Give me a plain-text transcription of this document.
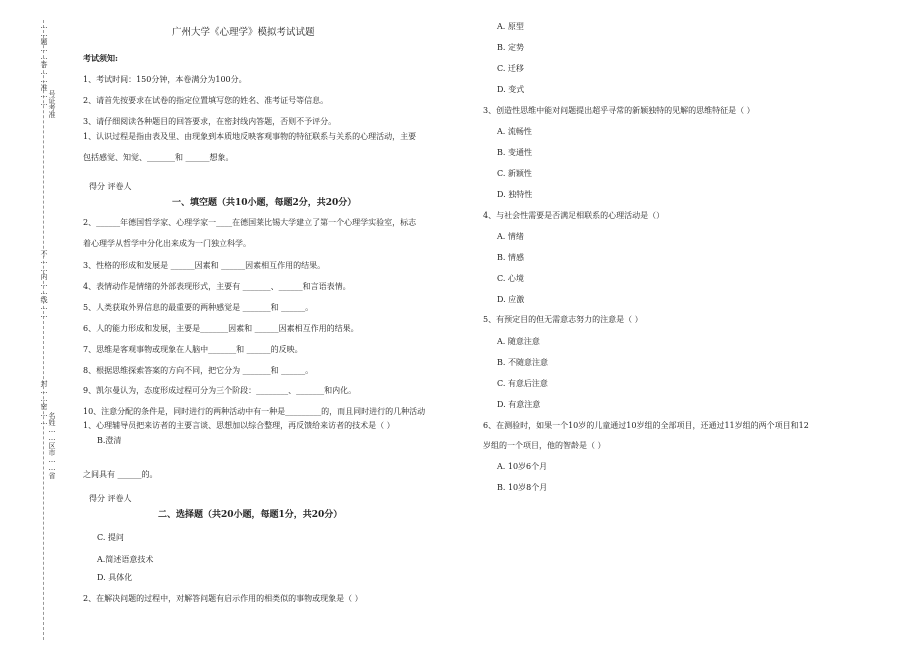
……题……答……准…… 号证考准
不……内……线……
封……密……
名姓……区市……省
广州大学《心理学》模拟考试试题
考试须知:
1、考试时间：150分钟，本卷满分为100分。
2、请首先按要求在试卷的指定位置填写您的姓名、准考证号等信息。
3、请仔细阅读各种题目的回答要求，在密封线内答题，否则不予评分。
1、认识过程是指由表及里、由现象到本质地反映客观事物的特征联系与关系的心理活动，主要
包括感觉、知觉、_______和 ______想象。
得分 评卷人
一、填空题（共10小题，每题2分，共20分）
2、______年德国哲学家、心理学家一____在德国莱比锡大学建立了第一个心理学实验室，标志
着心理学从哲学中分化出来成为一门独立科学。
3、性格的形成和发展是 ______因素和 ______因素相互作用的结果。
4、表情动作是情绪的外部表现形式，主要有 _______、______和言语表情。
5、人类获取外界信息的最重要的两种感觉是 _______和 ______。
6、人的能力形成和发展，主要是_______因素和 ______因素相互作用的结果。
7、思维是客观事物或现象在人脑中_______和 ______的反映。
8、根据思维探索答案的方向不同，把它分为 _______和 ______。
9、凯尔曼认为，态度形成过程可分为三个阶段：________、_______和内化。
10、注意分配的条件是，同时进行的两种活动中有一种是_________的，而且同时进行的几种活动
1、心理辅导员把来访者的主要言谈、思想加以综合整理，再反馈给来访者的技术是（ ）
B.澄清
之间具有 ______的。
得分 评卷人
二、选择题（共20小题，每题1分，共20分）
C. 提问
A.简述语意技术
D. 具体化
2、在解决问题的过程中，对解答问题有启示作用的相类似的事物或现象是（ ）
A. 原型
B. 定势
C. 迁移
D. 变式
3、创造性思维中能对问题提出超乎寻常的新颖独特的见解的思维特征是（ ）
A. 流畅性
B. 变通性
C. 新颖性
D. 独特性
4、与社会性需要是否满足相联系的心理活动是（）
A. 情绪
B. 情感
C. 心境
D. 应激
5、有预定目的但无需意志努力的注意是（ ）
A. 随意注意
B. 不随意注意
C. 有意后注意
D. 有意注意
6、在测验时，如果一个10岁的儿童通过10岁组的全部项目，还通过11岁组的两个项目和12
岁组的一个项目，他的智龄是（ ）
A. 10岁6个月
B. 10岁8个月
